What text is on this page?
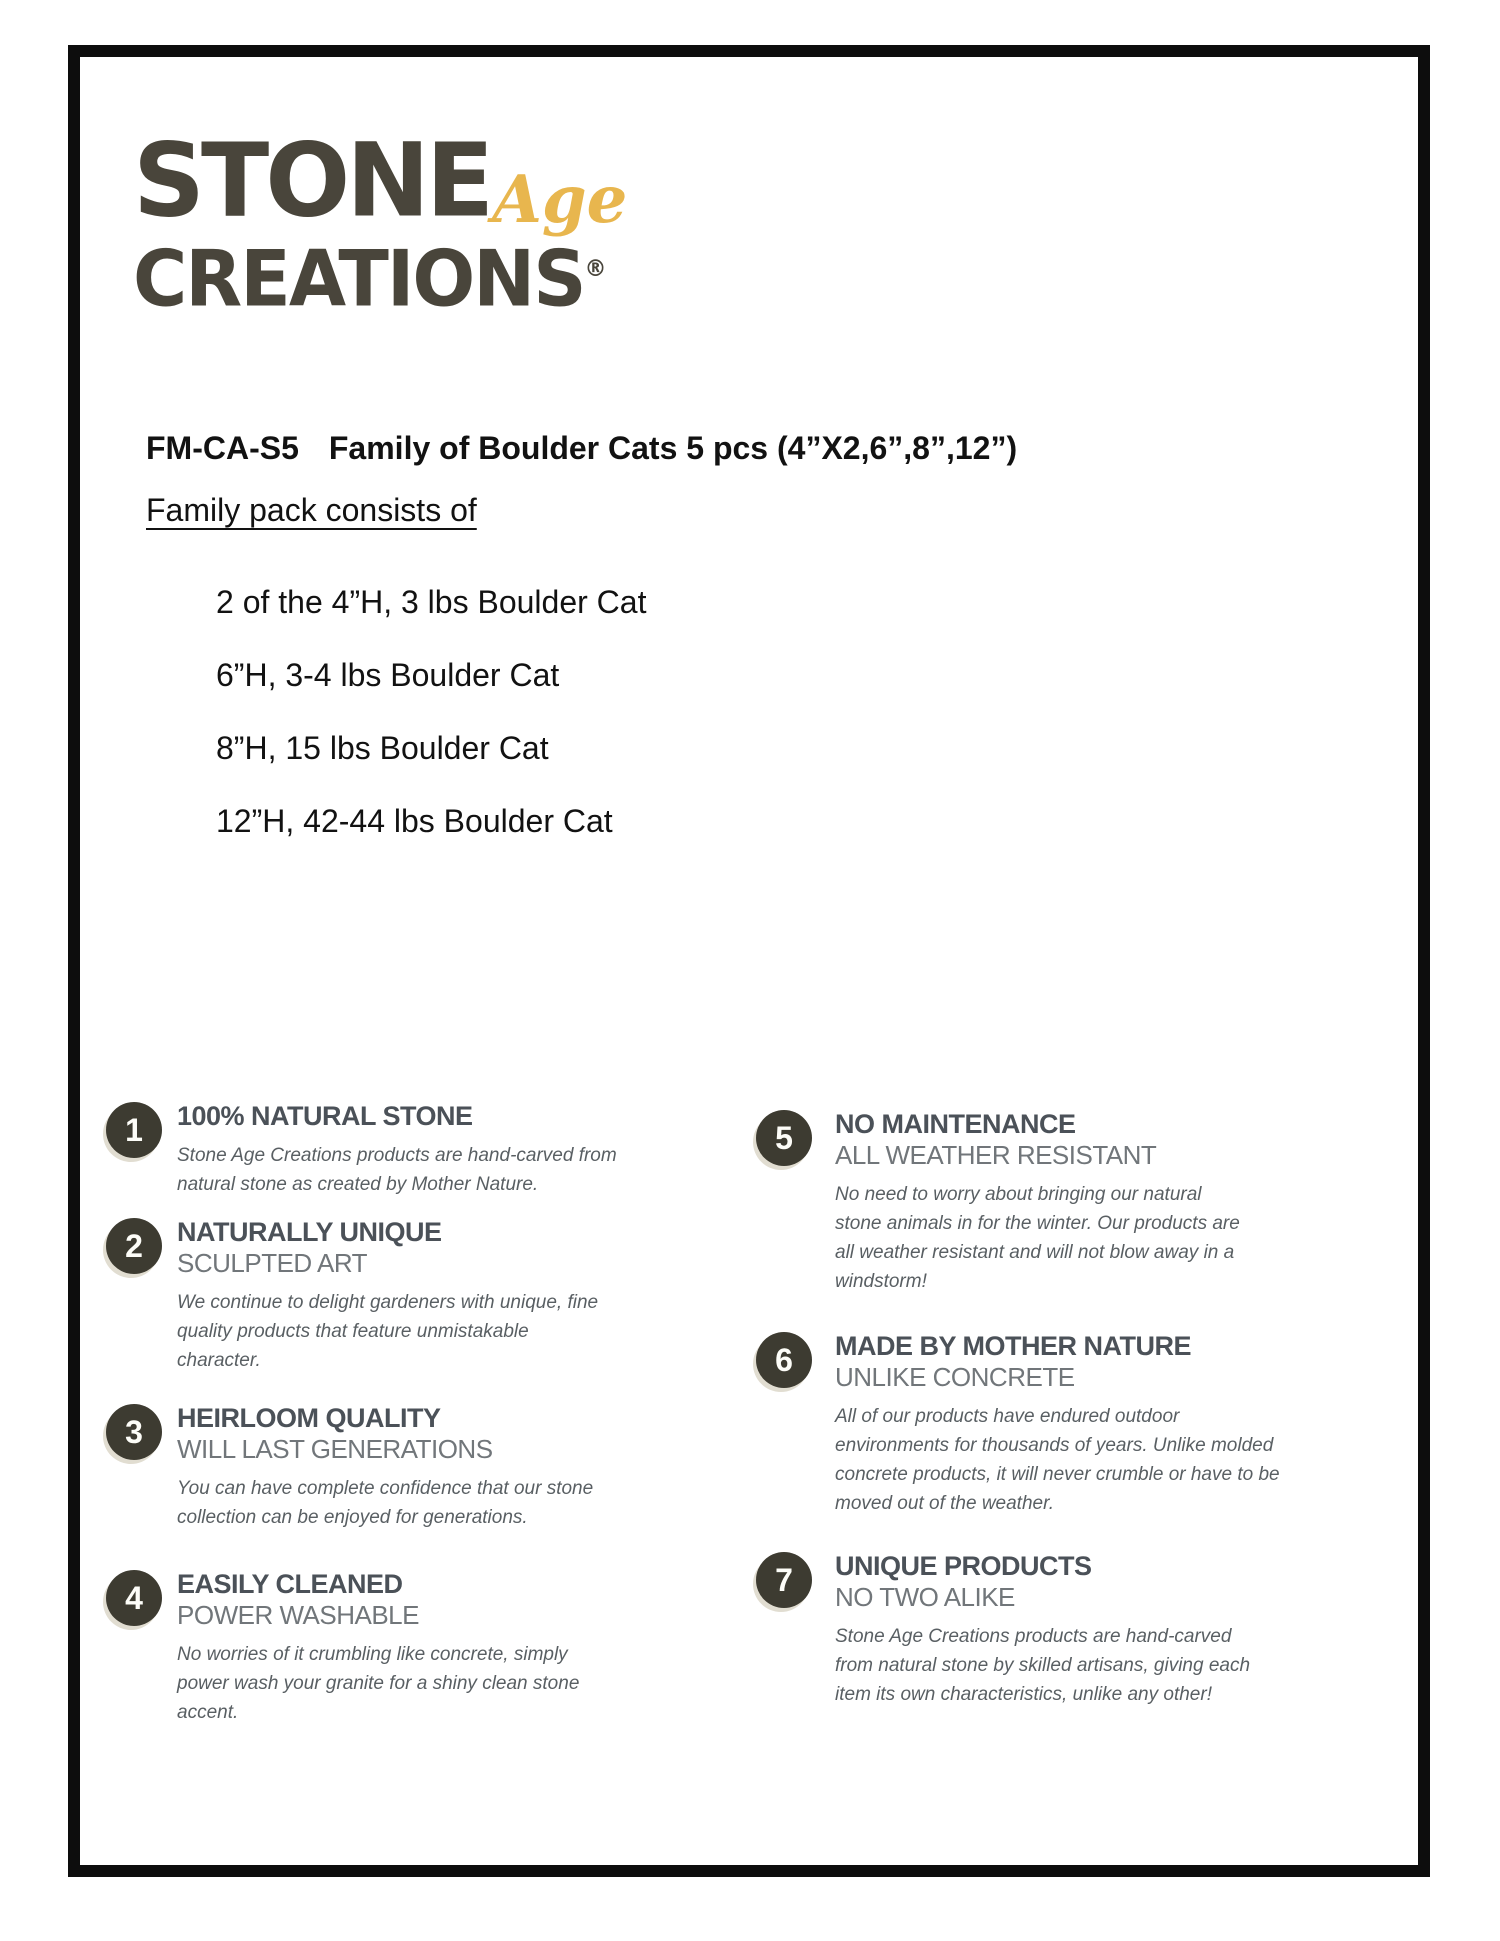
STONEAge
CREATIONS®
FM-CA-S5 Family of Boulder Cats 5 pcs (4”X2,6”,8”,12”)
Family pack consists of
2 of the 4”H, 3 lbs Boulder Cat
6”H, 3-4 lbs Boulder Cat
8”H, 15 lbs Boulder Cat
12”H, 42-44 lbs Boulder Cat
1	100% NATURAL STONE
Stone Age Creations products are hand-carved from natural stone as created by Mother Nature.
2	NATURALLY UNIQUE
SCULPTED ART
We continue to delight gardeners with unique, fine quality products that feature unmistakable character.
3	HEIRLOOM QUALITY
WILL LAST GENERATIONS
You can have complete confidence that our stone collection can be enjoyed for generations.
4	EASILY CLEANED
POWER WASHABLE
No worries of it crumbling like concrete, simply power wash your granite for a shiny clean stone accent.
5	NO MAINTENANCE
ALL WEATHER RESISTANT
No need to worry about bringing our natural stone animals in for the winter. Our products are all weather resistant and will not blow away in a windstorm!
6	MADE BY MOTHER NATURE
UNLIKE CONCRETE
All of our products have endured outdoor environments for thousands of years. Unlike molded concrete products, it will never crumble or have to be moved out of the weather.
7	UNIQUE PRODUCTS
NO TWO ALIKE
Stone Age Creations products are hand-carved from natural stone by skilled artisans, giving each item its own characteristics, unlike any other!
